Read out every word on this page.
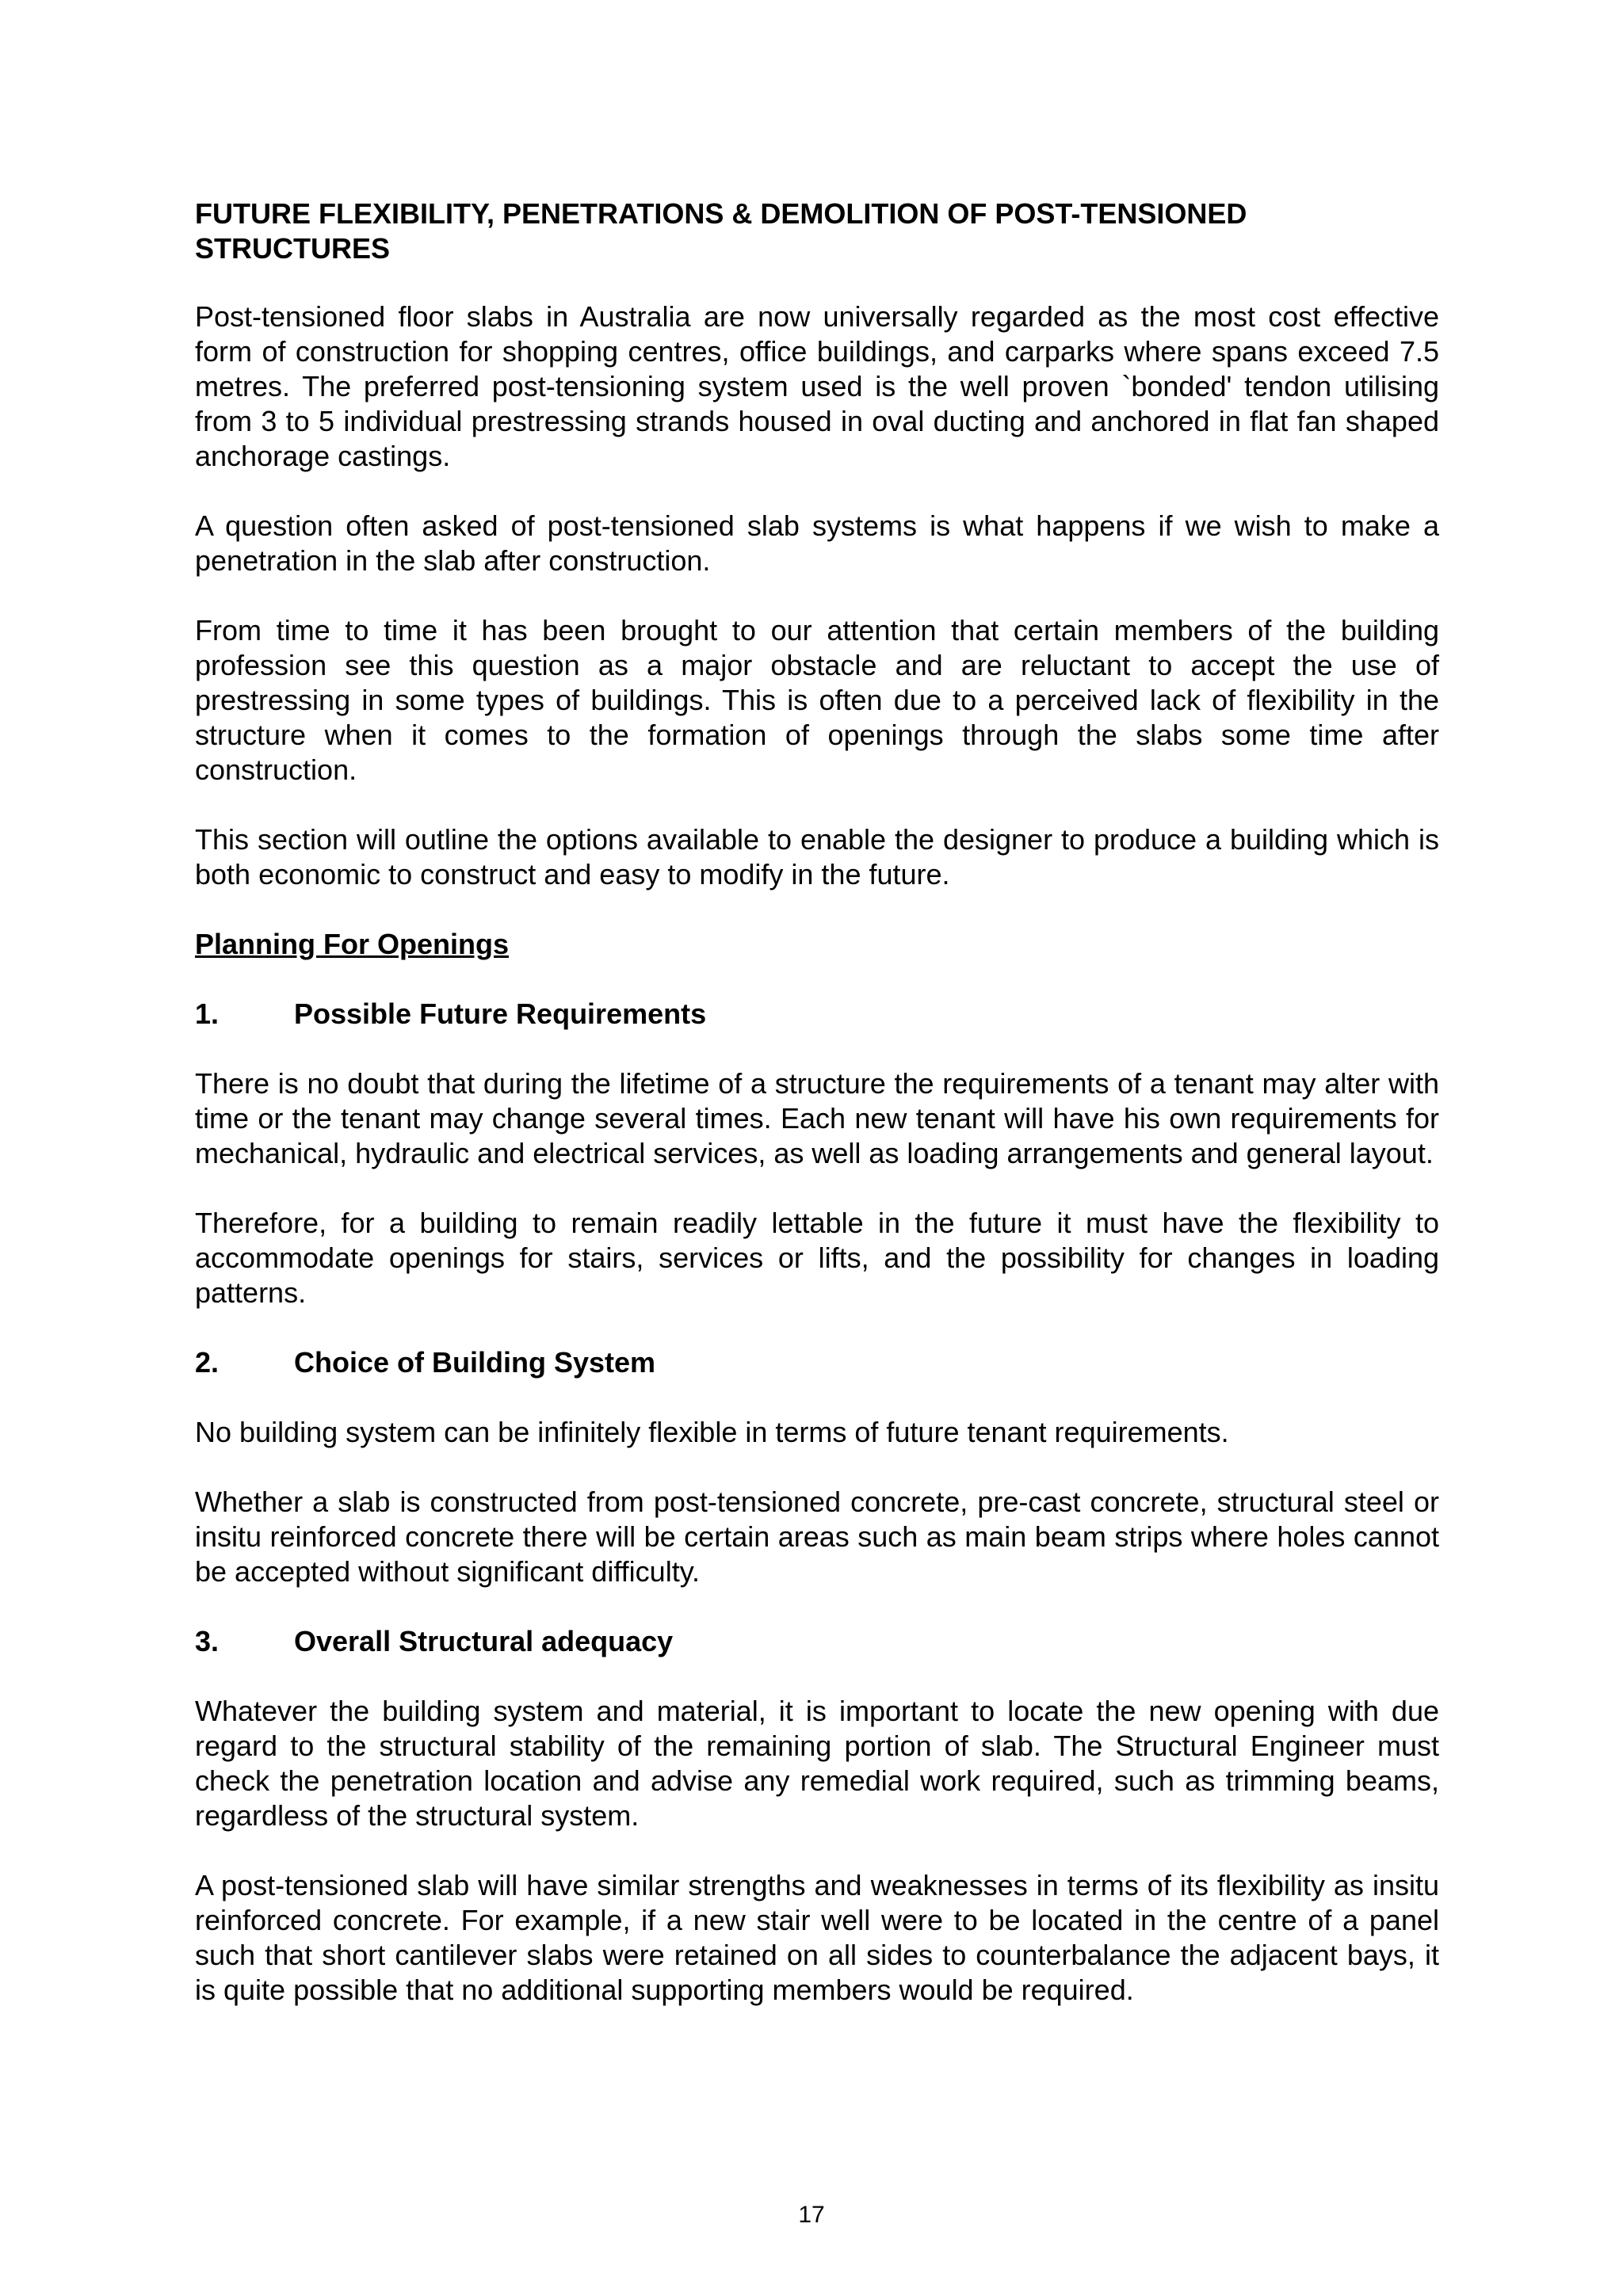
FUTURE FLEXIBILITY, PENETRATIONS & DEMOLITION OF POST-TENSIONED STRUCTURES

Post-tensioned floor slabs in Australia are now universally regarded as the most cost effective form of construction for shopping centres, office buildings, and carparks where spans exceed 7.5 metres. The preferred post-tensioning system used is the well proven `bonded' tendon utilising from 3 to 5 individual prestressing strands housed in oval ducting and anchored in flat fan shaped anchorage castings.

A question often asked of post-tensioned slab systems is what happens if we wish to make a penetration in the slab after construction.

From time to time it has been brought to our attention that certain members of the building profession see this question as a major obstacle and are reluctant to accept the use of prestressing in some types of buildings. This is often due to a perceived lack of flexibility in the structure when it comes to the formation of openings through the slabs some time after construction.

This section will outline the options available to enable the designer to produce a building which is both economic to construct and easy to modify in the future.

Planning For Openings
1.	Possible Future Requirements

There is no doubt that during the lifetime of a structure the requirements of a tenant may alter with time or the tenant may change several times. Each new tenant will have his own requirements for mechanical, hydraulic and electrical services, as well as loading arrangements and general layout.

Therefore, for a building to remain readily lettable in the future it must have the flexibility to accommodate openings for stairs, services or lifts, and the possibility for changes in loading patterns.

2.	Choice of Building System

No building system can be infinitely flexible in terms of future tenant requirements.

Whether a slab is constructed from post-tensioned concrete, pre-cast concrete, structural steel or insitu reinforced concrete there will be certain areas such as main beam strips where holes cannot be accepted without significant difficulty.

3.	Overall Structural adequacy

Whatever the building system and material, it is important to locate the new opening with due regard to the structural stability of the remaining portion of slab. The Structural Engineer must check the penetration location and advise any remedial work required, such as trimming beams, regardless of the structural system.

A post-tensioned slab will have similar strengths and weaknesses in terms of its flexibility as insitu reinforced concrete. For example, if a new stair well were to be located in the centre of a panel such that short cantilever slabs were retained on all sides to counterbalance the adjacent bays, it is quite possible that no additional supporting members would be required.

17
